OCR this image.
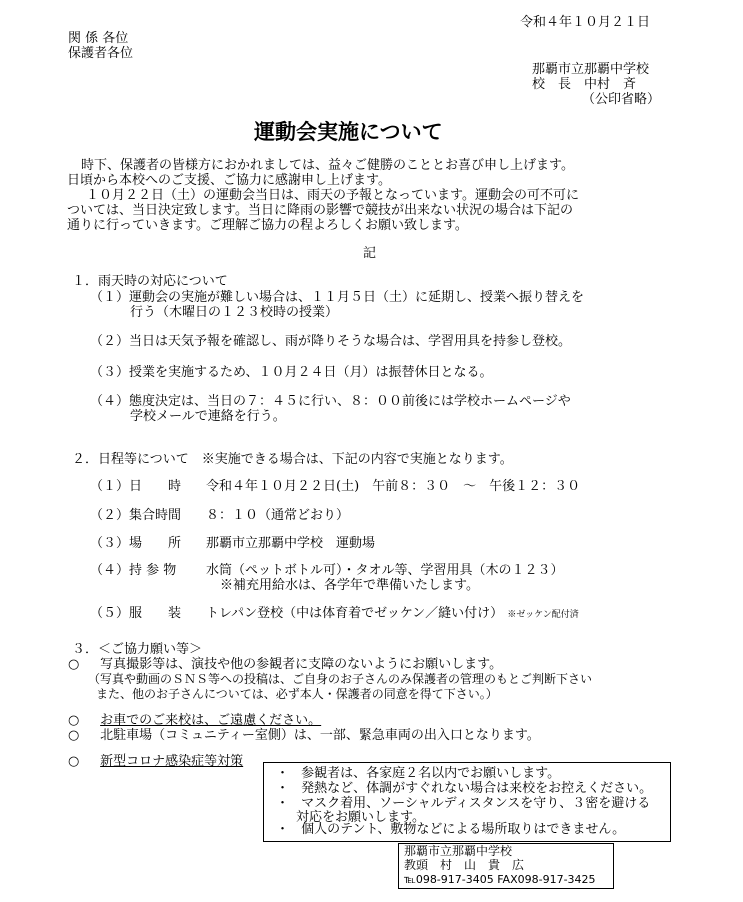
令和４年１０月２１日
関 係 各位
保護者各位
那覇市立那覇中学校
校　長　中村　斉
（公印省略）
運動会実施について
時下、保護者の皆様方におかれましては、益々ご健勝のこととお喜び申し上げます。
日頃から本校へのご支援、ご協力に感謝申し上げます。
１０月２２日（土）の運動会当日は、雨天の予報となっています。運動会の可不可に
ついては、当日決定致します。当日に降雨の影響で競技が出来ない状況の場合は下記の
通りに行っていきます。ご理解ご協力の程よろしくお願い致します。
記
１．雨天時の対応について
（１）運動会の実施が難しい場合は、１１月５日（土）に延期し、授業へ振り替えを
行う（木曜日の１２３校時の授業）
（２）当日は天気予報を確認し、雨が降りそうな場合は、学習用具を持参し登校。
（３）授業を実施するため、１０月２４日（月）は振替休日となる。
（４）態度決定は、当日の７：４５に行い、８：００前後には学校ホームページや
学校メールで連絡を行う。
２．日程等について　※実施できる場合は、下記の内容で実施となります。
（１）日　　時 令和４年１０月２２日(土)　午前８：３０　～　午後１２：３０
（２）集合時間 ８：１０（通常どおり）
（３）場　　所 那覇市立那覇中学校　運動場
（４）持 参 物 水筒（ペットボトル可）・タオル等、学習用具（木の１２３）
※補充用給水は、各学年で準備いたします。
（５）服　　装 トレパン登校（中は体育着でゼッケン／縫い付け） ※ゼッケン配付済
３．＜ご協力願い等＞
○ 写真撮影等は、演技や他の参観者に支障のないようにお願いします。
（写真や動画のＳＮＳ等への投稿は、ご自身のお子さんのみ保護者の管理のもとご判断下さい
また、他のお子さんについては、必ず本人・保護者の同意を得て下さい。）
○ お車でのご来校は、ご遠慮ください。
○ 北駐車場（コミュニティー室側）は、一部、緊急車両の出入口となります。
○ 新型コロナ感染症等対策
・ 参観者は、各家庭２名以内でお願いします。
・ 発熱など、体調がすぐれない場合は来校をお控えください。
・ マスク着用、ソーシャルディスタンスを守り、３密を避ける
対応をお願いします。
・ 個人のテント、敷物などによる場所取りはできません。
那覇市立那覇中学校
教頭　村　山　貴　広
℡098-917-3405 FAX098-917-3425
